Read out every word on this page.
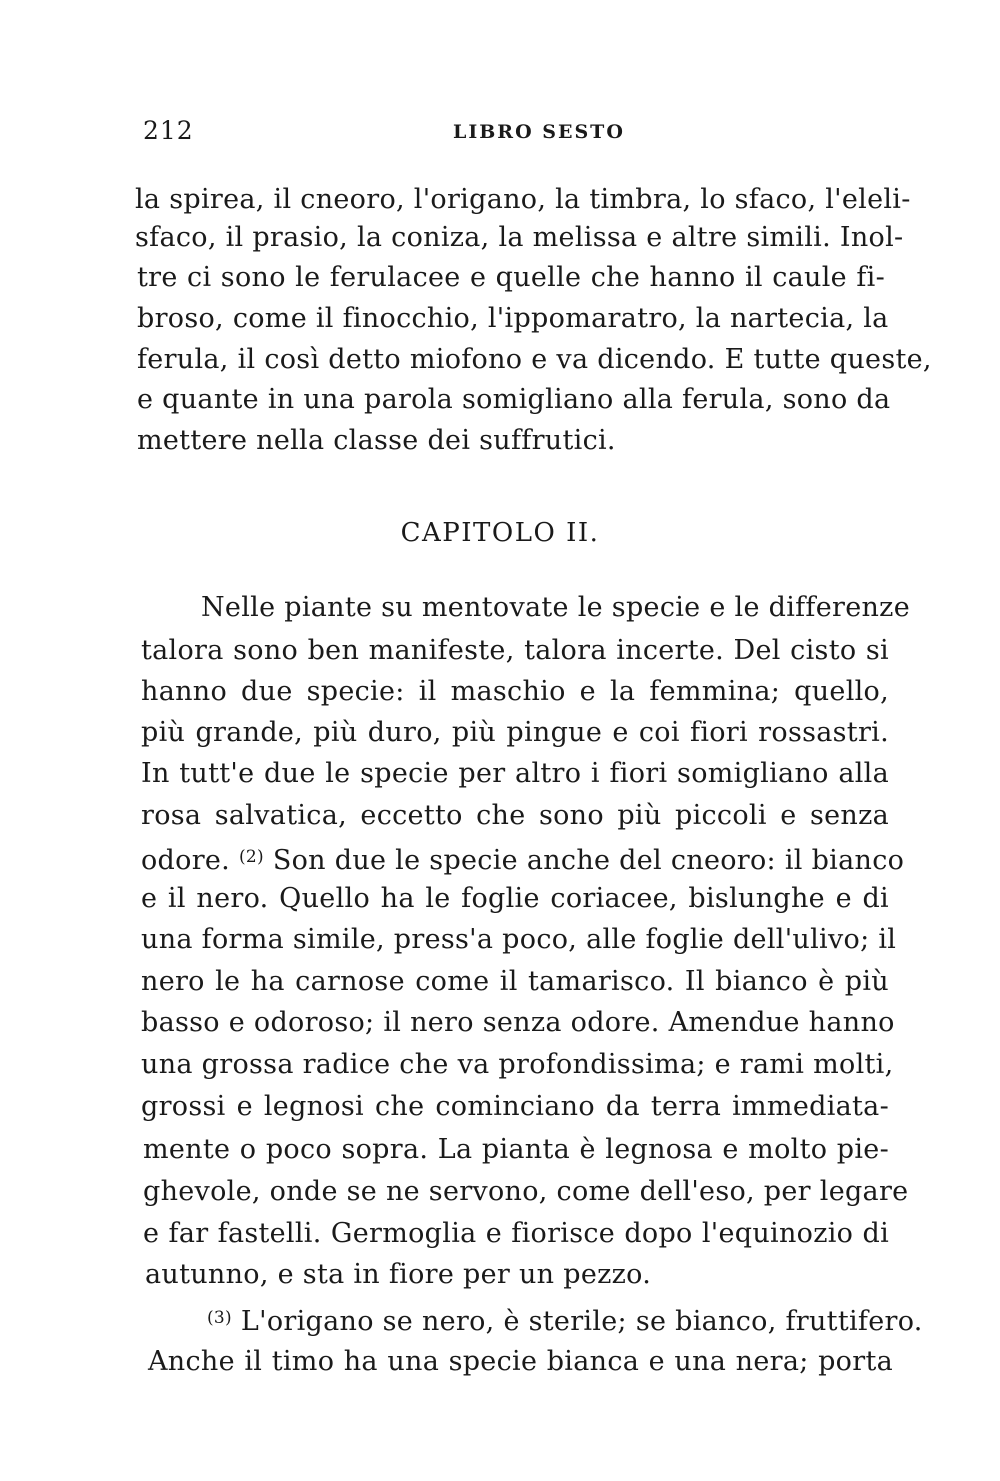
212	LIBRO SESTO
la spirea, il cneoro, l'origano, la timbra, lo sfaco, l'eleli-
sfaco, il prasio, la coniza, la melissa e altre simili. Inol-
tre ci sono le ferulacee e quelle che hanno il caule fi-
broso, come il finocchio, l'ippomaratro, la nartecia, la
ferula, il così detto miofono e va dicendo. E tutte queste,
e quante in una parola somigliano alla ferula, sono da
mettere nella classe dei suffrutici.
CAPITOLO II.
Nelle piante su mentovate le specie e le differenze
talora sono ben manifeste, talora incerte. Del cisto si
hanno due specie: il maschio e la femmina; quello,
più grande, più duro, più pingue e coi fiori rossastri.
In tutt'e due le specie per altro i fiori somigliano alla
rosa salvatica, eccetto che sono più piccoli e senza
odore. $^{(2)}$ Son due le specie anche del cneoro: il bianco
e il nero. Quello ha le foglie coriacee, bislunghe e di
una forma simile, press'a poco, alle foglie dell'ulivo; il
nero le ha carnose come il tamarisco. Il bianco è più
basso e odoroso; il nero senza odore. Amendue hanno
una grossa radice che va profondissima; e rami molti,
grossi e legnosi che cominciano da terra immediata-
mente o poco sopra. La pianta è legnosa e molto pie-
ghevole, onde se ne servono, come dell'eso, per legare
e far fastelli. Germoglia e fiorisce dopo l'equinozio di
autunno, e sta in fiore per un pezzo.
$^{(3)}$ L'origano se nero, è sterile; se bianco, fruttifero.
Anche il timo ha una specie bianca e una nera; porta
